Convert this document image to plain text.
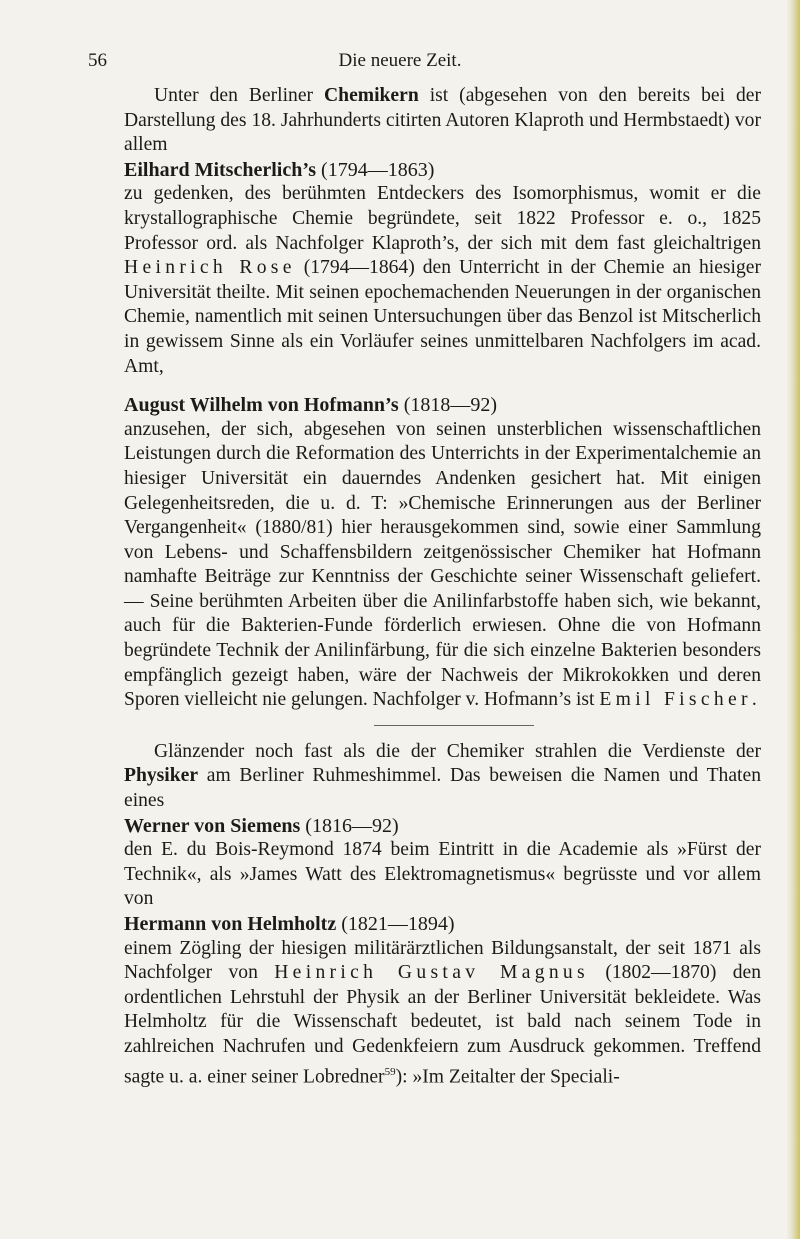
56	Die neuere Zeit.

Unter den Berliner Chemikern ist (abgesehen von den bereits bei der Darstellung des 18. Jahrhunderts citirten Autoren Klaproth und Hermbstaedt) vor allem

Eilhard Mitscherlich’s (1794—1863)

zu gedenken, des berühmten Entdeckers des Isomorphismus, womit er die krystallographische Chemie begründete, seit 1822 Professor e. o., 1825 Professor ord. als Nachfolger Klaproth’s, der sich mit dem fast gleichaltrigen Heinrich Rose (1794—1864) den Unterricht in der Chemie an hiesiger Universität theilte. Mit seinen epochemachenden Neuerungen in der organischen Chemie, namentlich mit seinen Untersuchungen über das Benzol ist Mitscherlich in gewissem Sinne als ein Vorläufer seines unmittelbaren Nachfolgers im acad. Amt,

August Wilhelm von Hofmann’s (1818—92)

anzusehen, der sich, abgesehen von seinen unsterblichen wissenschaftlichen Leistungen durch die Reformation des Unterrichts in der Experimentalchemie an hiesiger Universität ein dauerndes Andenken gesichert hat. Mit einigen Gelegenheitsreden, die u. d. T: »Chemische Erinnerungen aus der Berliner Vergangenheit« (1880/81) hier herausgekommen sind, sowie einer Sammlung von Lebens- und Schaffensbildern zeitgenössischer Chemiker hat Hofmann namhafte Beiträge zur Kenntniss der Geschichte seiner Wissenschaft geliefert. — Seine berühmten Arbeiten über die Anilinfarbstoffe haben sich, wie bekannt, auch für die Bakterien-Funde förderlich erwiesen. Ohne die von Hofmann begründete Technik der Anilinfärbung, für die sich einzelne Bakterien besonders empfänglich gezeigt haben, wäre der Nachweis der Mikrokokken und deren Sporen vielleicht nie gelungen. Nachfolger v. Hofmann’s ist Emil Fischer.

Glänzender noch fast als die der Chemiker strahlen die Verdienste der Physiker am Berliner Ruhmeshimmel. Das beweisen die Namen und Thaten eines

Werner von Siemens (1816—92)

den E. du Bois-Reymond 1874 beim Eintritt in die Academie als »Fürst der Technik«, als »James Watt des Elektromagnetismus« begrüsste und vor allem von

Hermann von Helmholtz (1821—1894)

einem Zögling der hiesigen militärärztlichen Bildungsanstalt, der seit 1871 als Nachfolger von Heinrich Gustav Magnus (1802—1870) den ordentlichen Lehrstuhl der Physik an der Berliner Universität bekleidete. Was Helmholtz für die Wissenschaft bedeutet, ist bald nach seinem Tode in zahlreichen Nachrufen und Gedenkfeiern zum Ausdruck gekommen. Treffend sagte u. a. einer seiner Lobredner$^{59}$): »Im Zeitalter der Speciali-
